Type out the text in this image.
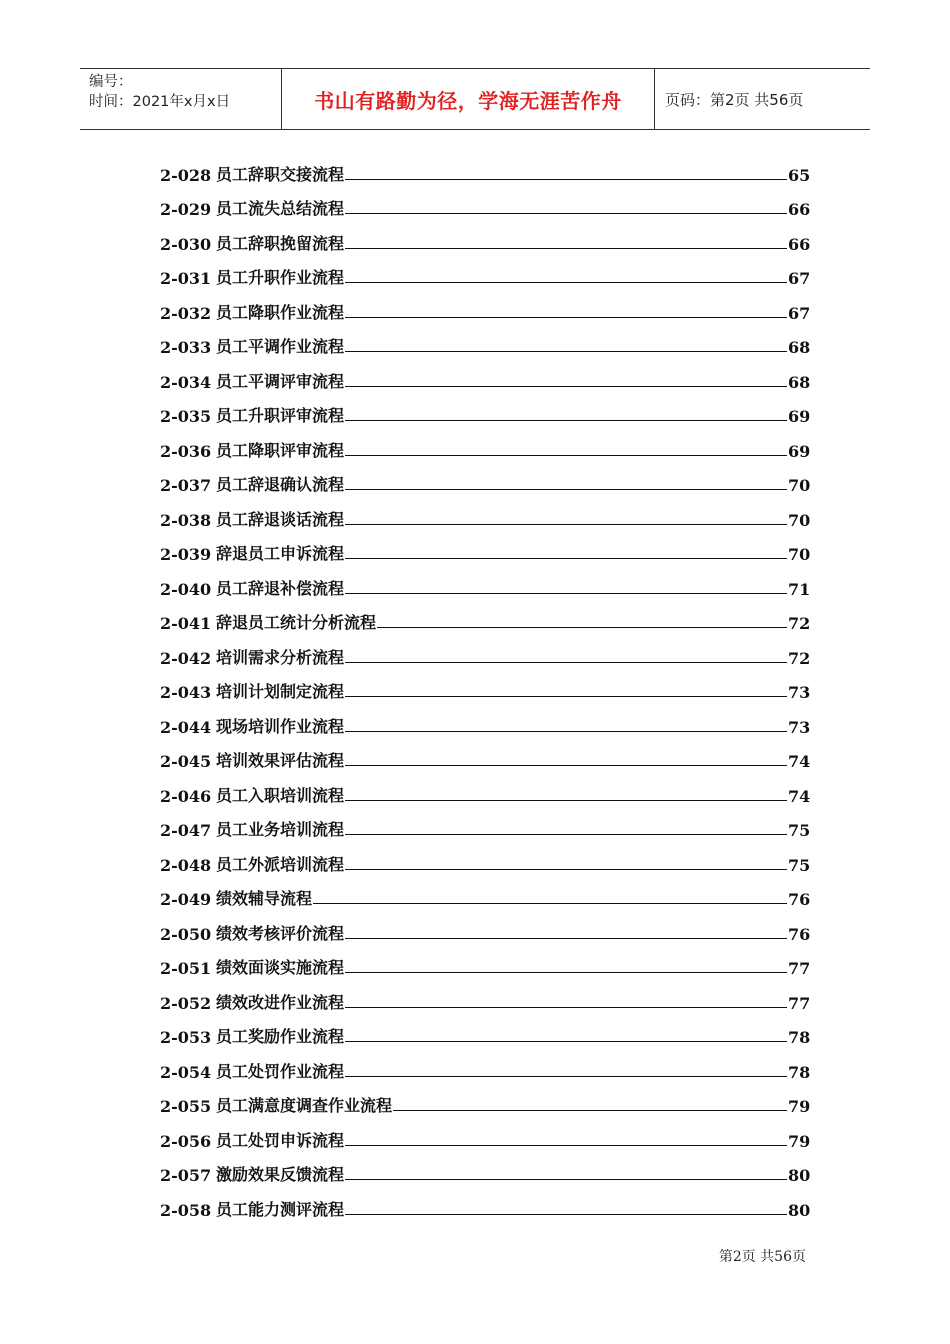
编号：
时间：2021年x月x日	书山有路勤为径，学海无涯苦作舟	页码：第2页 共56页
2-028 员工辞职交接流程	65
2-029 员工流失总结流程	66
2-030 员工辞职挽留流程	66
2-031 员工升职作业流程	67
2-032 员工降职作业流程	67
2-033 员工平调作业流程	68
2-034 员工平调评审流程	68
2-035 员工升职评审流程	69
2-036 员工降职评审流程	69
2-037 员工辞退确认流程	70
2-038 员工辞退谈话流程	70
2-039 辞退员工申诉流程	70
2-040 员工辞退补偿流程	71
2-041 辞退员工统计分析流程	72
2-042 培训需求分析流程	72
2-043 培训计划制定流程	73
2-044 现场培训作业流程	73
2-045 培训效果评估流程	74
2-046 员工入职培训流程	74
2-047 员工业务培训流程	75
2-048 员工外派培训流程	75
2-049 绩效辅导流程	76
2-050 绩效考核评价流程	76
2-051 绩效面谈实施流程	77
2-052 绩效改进作业流程	77
2-053 员工奖励作业流程	78
2-054 员工处罚作业流程	78
2-055 员工满意度调查作业流程	79
2-056 员工处罚申诉流程	79
2-057 激励效果反馈流程	80
2-058 员工能力测评流程	80
第2页 共56页
